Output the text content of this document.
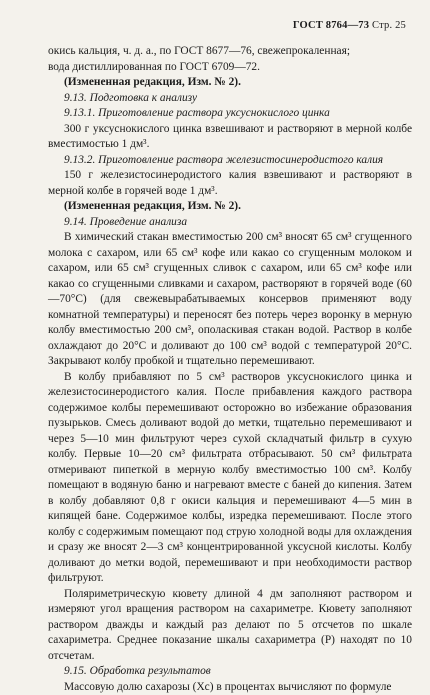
ГОСТ 8764—73 Стр. 25

окись кальция, ч. д. а., по ГОСТ 8677—76, свежепрокаленная;

вода дистиллированная по ГОСТ 6709—72.

(Измененная редакция, Изм. № 2).

9.13. Подготовка к анализу

9.13.1. Приготовление раствора уксуснокислого цинка

300 г уксуснокислого цинка взвешивают и растворяют в мерной колбе вместимостью 1 дм³.

9.13.2. Приготовление раствора железистосинеродистого калия

150 г железистосинеродистого калия взвешивают и растворяют в мерной колбе в горячей воде 1 дм³.

(Измененная редакция, Изм. № 2).

9.14. Проведение анализа

В химический стакан вместимостью 200 см³ вносят 65 см³ сгущенного молока с сахаром, или 65 см³ кофе или какао со сгущенным молоком и сахаром, или 65 см³ сгущенных сливок с сахаром, или 65 см³ кофе или какао со сгущенными сливками и сахаром, растворяют в горячей воде (60—70°С) (для свежевырабатываемых консервов применяют воду комнатной температуры) и переносят без потерь через воронку в мерную колбу вместимостью 200 см³, ополаскивая стакан водой. Раствор в колбе охлаждают до 20°С и доливают до 100 см³ водой с температурой 20°С. Закрывают колбу пробкой и тщательно перемешивают.

В колбу прибавляют по 5 см³ растворов уксуснокислого цинка и железистосинеродистого калия. После прибавления каждого раствора содержимое колбы перемешивают осторожно во избежание образования пузырьков. Смесь доливают водой до метки, тщательно перемешивают и через 5—10 мин фильтруют через сухой складчатый фильтр в сухую колбу. Первые 10—20 см³ фильтрата отбрасывают. 50 см³ фильтрата отмеривают пипеткой в мерную колбу вместимостью 100 см³. Колбу помещают в водяную баню и нагревают вместе с баней до кипения. Затем в колбу добавляют 0,8 г окиси кальция и перемешивают 4—5 мин в кипящей бане. Содержимое колбы, изредка перемешивают. После этого колбу с содержимым помещают под струю холодной воды для охлаждения и сразу же вносят 2—3 см³ концентрированной уксусной кислоты. Колбу доливают до метки водой, перемешивают и при необходимости раствор фильтруют.

Поляриметрическую кювету длиной 4 дм заполняют раствором и измеряют угол вращения раствором на сахариметре. Кювету заполняют раствором дважды и каждый раз делают по 5 отсчетов по шкале сахариметра. Среднее показание шкалы сахариметра (P) находят по 10 отсчетам.

9.15. Обработка результатов

Массовую долю сахарозы (Xc) в процентах вычисляют по формуле
